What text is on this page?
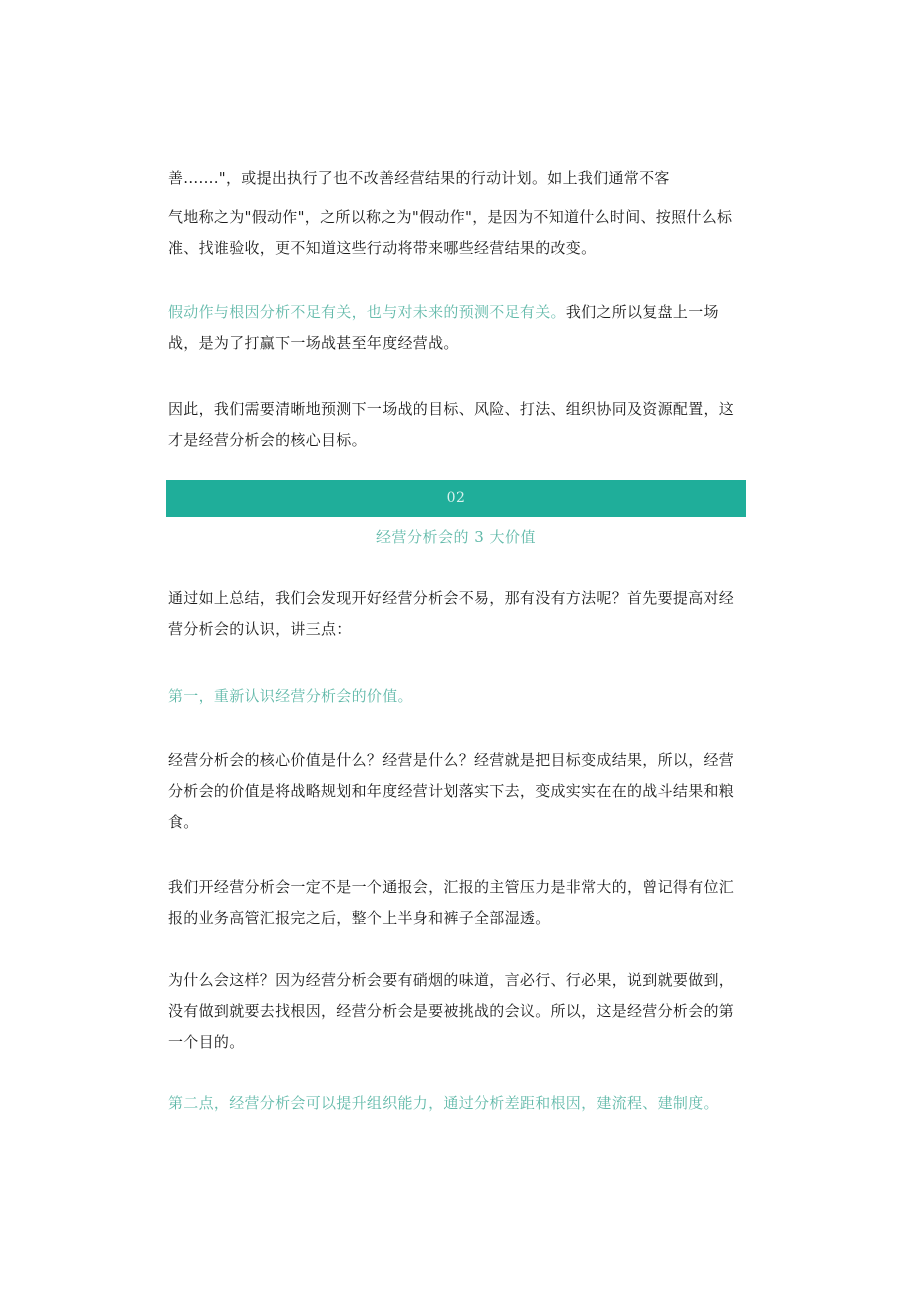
善......."，或提出执行了也不改善经营结果的行动计划。如上我们通常不客

气地称之为"假动作"，之所以称之为"假动作"，是因为不知道什么时间、按照什么标
准、找谁验收，更不知道这些行动将带来哪些经营结果的改变。

假动作与根因分析不足有关，也与对未来的预测不足有关。我们之所以复盘上一场
战，是为了打赢下一场战甚至年度经营战。

因此，我们需要清晰地预测下一场战的目标、风险、打法、组织协同及资源配置，这
才是经营分析会的核心目标。

02
经营分析会的 3 大价值

通过如上总结，我们会发现开好经营分析会不易，那有没有方法呢？首先要提高对经
营分析会的认识，讲三点：

第一，重新认识经营分析会的价值。

经营分析会的核心价值是什么？经营是什么？经营就是把目标变成结果，所以，经营
分析会的价值是将战略规划和年度经营计划落实下去，变成实实在在的战斗结果和粮
食。

我们开经营分析会一定不是一个通报会，汇报的主管压力是非常大的，曾记得有位汇
报的业务高管汇报完之后，整个上半身和裤子全部湿透。

为什么会这样？因为经营分析会要有硝烟的味道，言必行、行必果，说到就要做到，
没有做到就要去找根因，经营分析会是要被挑战的会议。所以，这是经营分析会的第
一个目的。

第二点，经营分析会可以提升组织能力，通过分析差距和根因，建流程、建制度。
